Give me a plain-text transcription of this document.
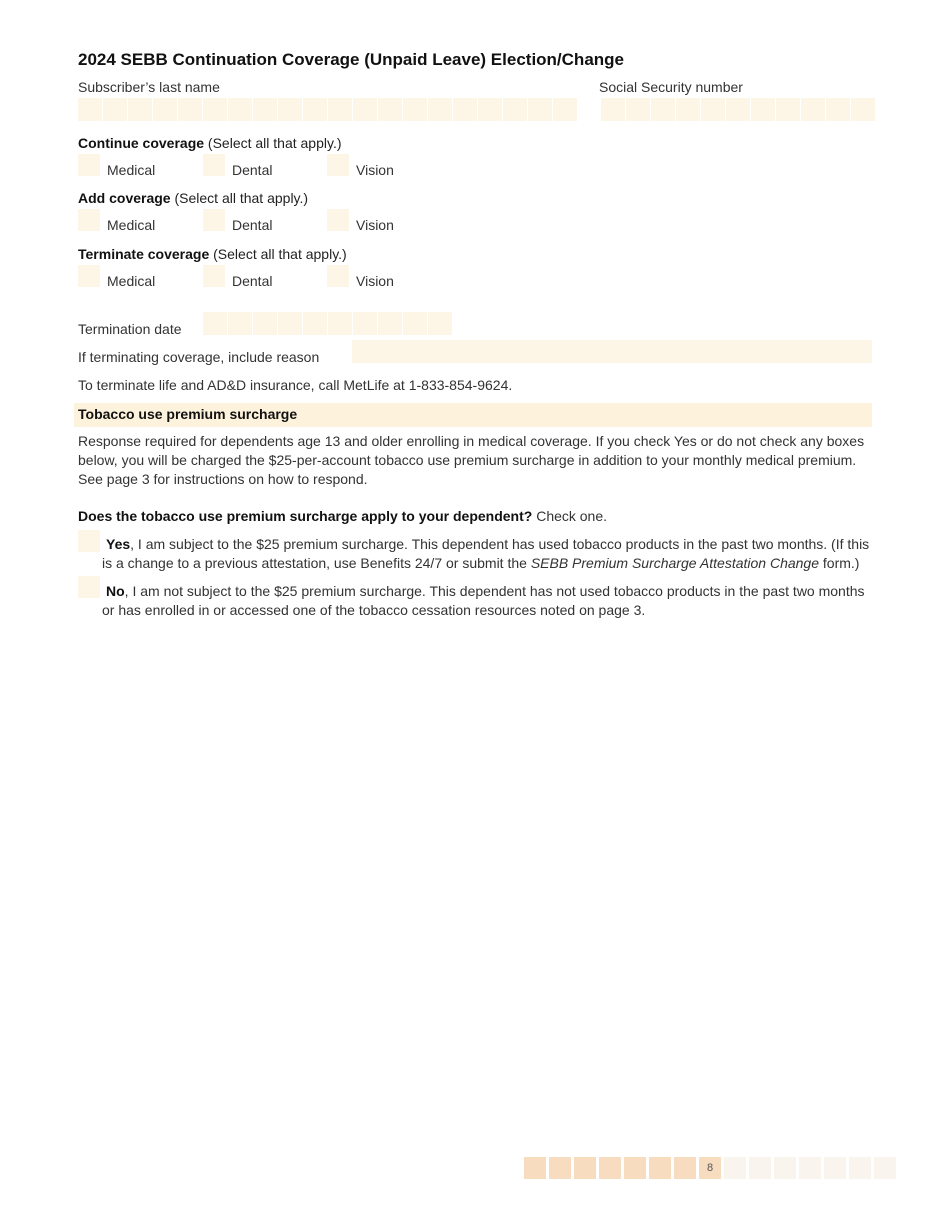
2024 SEBB Continuation Coverage (Unpaid Leave) Election/Change
Subscriber’s last name	Social Security number
Continue coverage (Select all that apply.)
Medical	Dental	Vision
Add coverage (Select all that apply.)
Medical	Dental	Vision
Terminate coverage (Select all that apply.)
Medical	Dental	Vision
Termination date
If terminating coverage, include reason
To terminate life and AD&D insurance, call MetLife at 1-833-854-9624.
Tobacco use premium surcharge
Response required for dependents age 13 and older enrolling in medical coverage. If you check Yes or do not check any boxes below, you will be charged the $25-per-account tobacco use premium surcharge in addition to your monthly medical premium. See page 3 for instructions on how to respond.
Does the tobacco use premium surcharge apply to your dependent? Check one.
Yes, I am subject to the $25 premium surcharge. This dependent has used tobacco products in the past two months. (If this is a change to a previous attestation, use Benefits 24/7 or submit the SEBB Premium Surcharge Attestation Change form.)
No, I am not subject to the $25 premium surcharge. This dependent has not used tobacco products in the past two months or has enrolled in or accessed one of the tobacco cessation resources noted on page 3.
8
